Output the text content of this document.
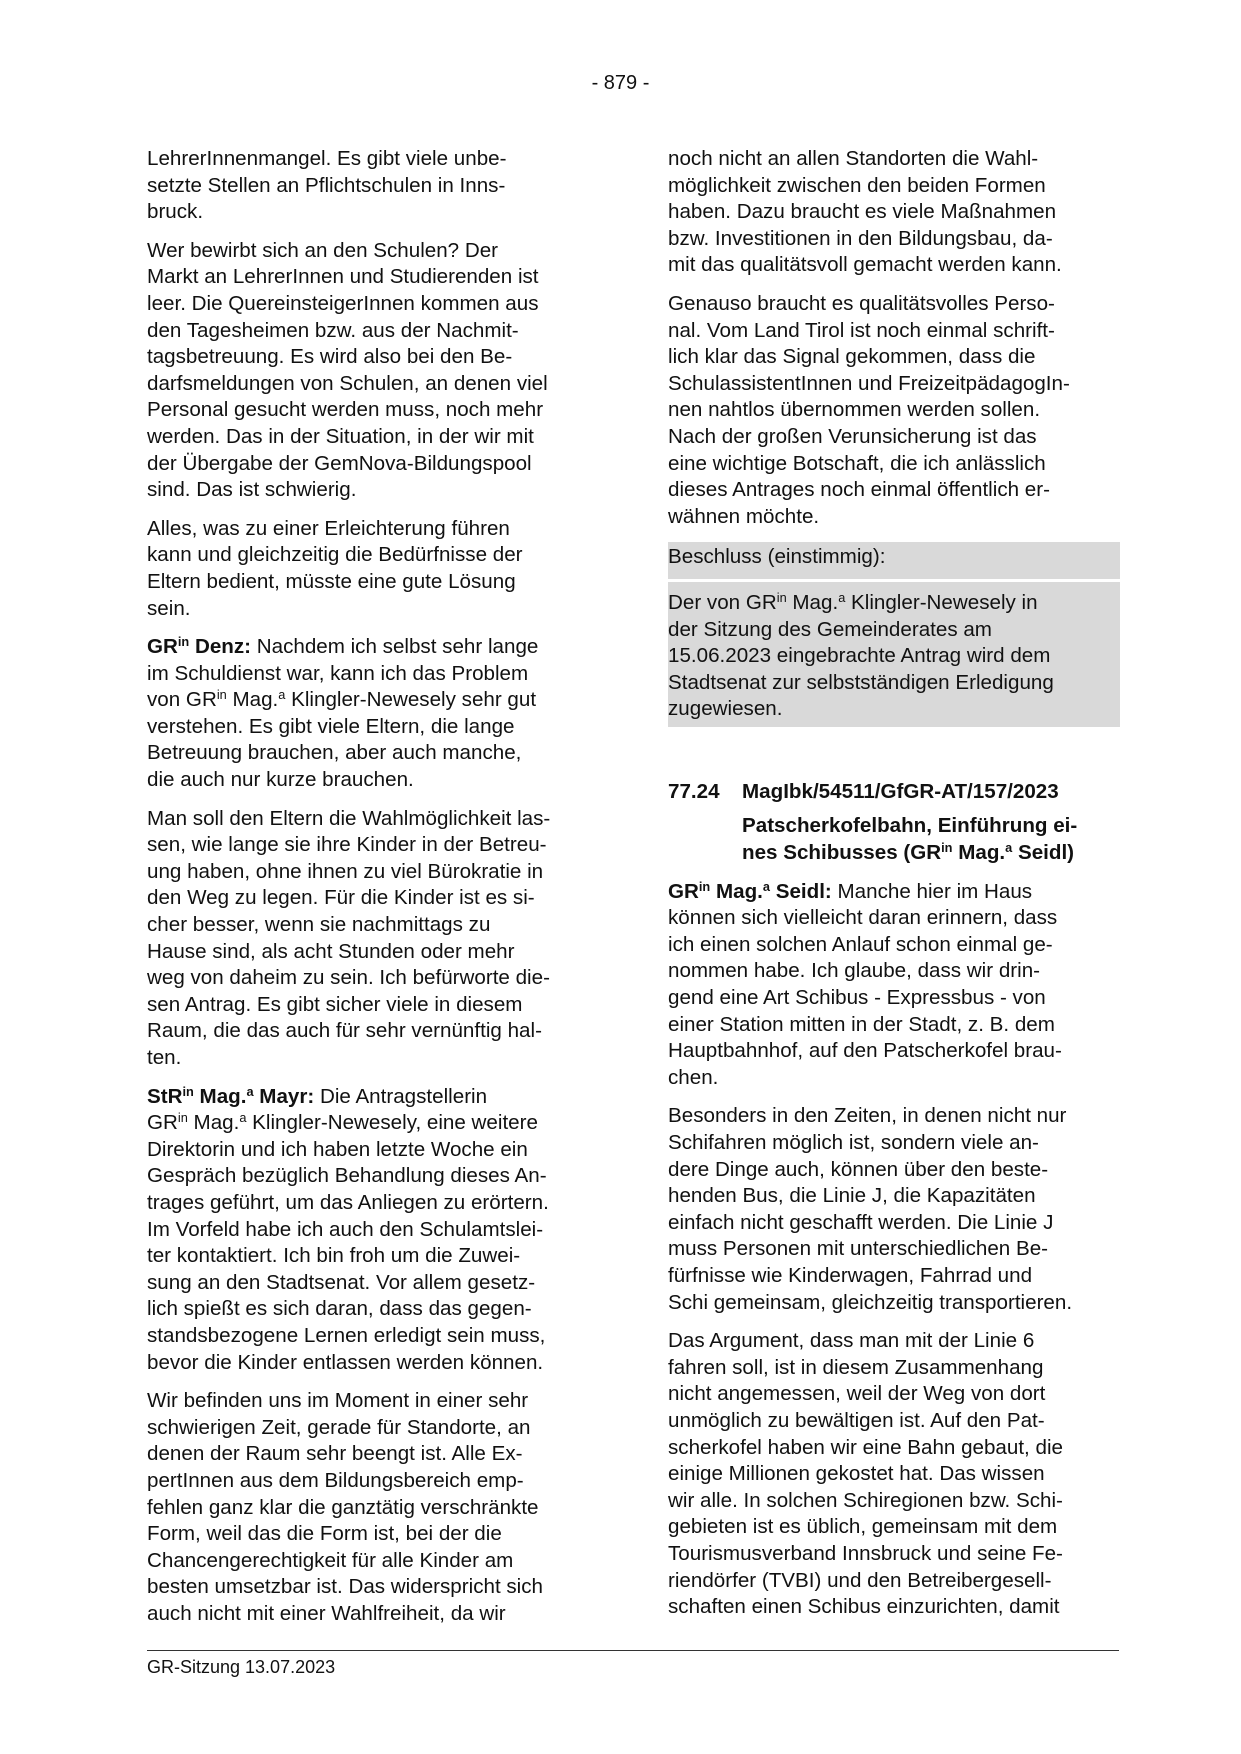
- 879 -

LehrerInnenmangel. Es gibt viele unbe-
setzte Stellen an Pflichtschulen in Inns-
bruck.

Wer bewirbt sich an den Schulen? Der
Markt an LehrerInnen und Studierenden ist
leer. Die QuereinsteigerInnen kommen aus
den Tagesheimen bzw. aus der Nachmit-
tagsbetreuung. Es wird also bei den Be-
darfsmeldungen von Schulen, an denen viel
Personal gesucht werden muss, noch mehr
werden. Das in der Situation, in der wir mit
der Übergabe der GemNova-Bildungspool
sind. Das ist schwierig.

Alles, was zu einer Erleichterung führen
kann und gleichzeitig die Bedürfnisse der
Eltern bedient, müsste eine gute Lösung
sein.

$GR^{in}$ Denz: Nachdem ich selbst sehr lange
im Schuldienst war, kann ich das Problem
von $GR^{in}$ Mag.$^a$ Klingler-Newesely sehr gut
verstehen. Es gibt viele Eltern, die lange
Betreuung brauchen, aber auch manche,
die auch nur kurze brauchen.

Man soll den Eltern die Wahlmöglichkeit las-
sen, wie lange sie ihre Kinder in der Betreu-
ung haben, ohne ihnen zu viel Bürokratie in
den Weg zu legen. Für die Kinder ist es si-
cher besser, wenn sie nachmittags zu
Hause sind, als acht Stunden oder mehr
weg von daheim zu sein. Ich befürworte die-
sen Antrag. Es gibt sicher viele in diesem
Raum, die das auch für sehr vernünftig hal-
ten.

StR$^{in}$ Mag.$^a$ Mayr: Die Antragstellerin
$GR^{in}$ Mag.$^a$ Klingler-Newesely, eine weitere
Direktorin und ich haben letzte Woche ein
Gespräch bezüglich Behandlung dieses An-
trages geführt, um das Anliegen zu erörtern.
Im Vorfeld habe ich auch den Schulamtslei-
ter kontaktiert. Ich bin froh um die Zuwei-
sung an den Stadtsenat. Vor allem gesetz-
lich spießt es sich daran, dass das gegen-
standsbezogene Lernen erledigt sein muss,
bevor die Kinder entlassen werden können.

Wir befinden uns im Moment in einer sehr
schwierigen Zeit, gerade für Standorte, an
denen der Raum sehr beengt ist. Alle Ex-
pertInnen aus dem Bildungsbereich emp-
fehlen ganz klar die ganztätig verschränkte
Form, weil das die Form ist, bei der die
Chancengerechtigkeit für alle Kinder am
besten umsetzbar ist. Das widerspricht sich
auch nicht mit einer Wahlfreiheit, da wir

noch nicht an allen Standorten die Wahl-
möglichkeit zwischen den beiden Formen
haben. Dazu braucht es viele Maßnahmen
bzw. Investitionen in den Bildungsbau, da-
mit das qualitätsvoll gemacht werden kann.

Genauso braucht es qualitätsvolles Perso-
nal. Vom Land Tirol ist noch einmal schrift-
lich klar das Signal gekommen, dass die
SchulassistentInnen und FreizeitpädagogIn-
nen nahtlos übernommen werden sollen.
Nach der großen Verunsicherung ist das
eine wichtige Botschaft, die ich anlässlich
dieses Antrages noch einmal öffentlich er-
wähnen möchte.

Beschluss (einstimmig):
Der von $GR^{in}$ Mag.$^a$ Klingler-Newesely in
der Sitzung des Gemeinderates am
15.06.2023 eingebrachte Antrag wird dem
Stadtsenat zur selbstständigen Erledigung
zugewiesen.
77.24 MagIbk/54511/GfGR-AT/157/2023
Patscherkofelbahn, Einführung ei-
nes Schibusses ($GR^{in}$ Mag.$^a$ Seidl)

$GR^{in}$ Mag.$^a$ Seidl: Manche hier im Haus
können sich vielleicht daran erinnern, dass
ich einen solchen Anlauf schon einmal ge-
nommen habe. Ich glaube, dass wir drin-
gend eine Art Schibus - Expressbus - von
einer Station mitten in der Stadt, z. B. dem
Hauptbahnhof, auf den Patscherkofel brau-
chen.

Besonders in den Zeiten, in denen nicht nur
Schifahren möglich ist, sondern viele an-
dere Dinge auch, können über den beste-
henden Bus, die Linie J, die Kapazitäten
einfach nicht geschafft werden. Die Linie J
muss Personen mit unterschiedlichen Be-
fürfnisse wie Kinderwagen, Fahrrad und
Schi gemeinsam, gleichzeitig transportieren.

Das Argument, dass man mit der Linie 6
fahren soll, ist in diesem Zusammenhang
nicht angemessen, weil der Weg von dort
unmöglich zu bewältigen ist. Auf den Pat-
scherkofel haben wir eine Bahn gebaut, die
einige Millionen gekostet hat. Das wissen
wir alle. In solchen Schiregionen bzw. Schi-
gebieten ist es üblich, gemeinsam mit dem
Tourismusverband Innsbruck und seine Fe-
riendörfer (TVBI) und den Betreibergesell-
schaften einen Schibus einzurichten, damit

GR-Sitzung 13.07.2023
